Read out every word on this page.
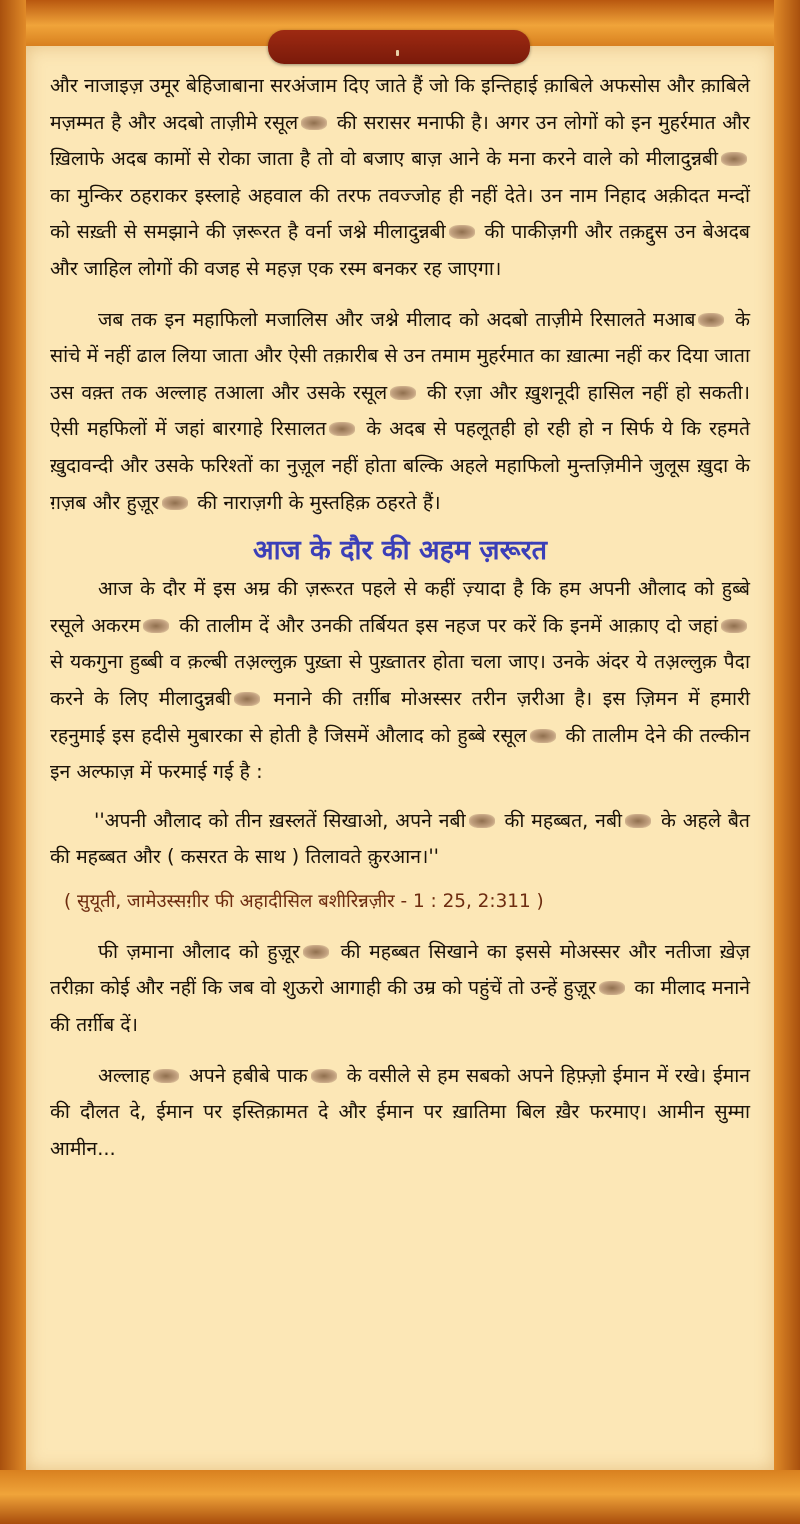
और नाजाइज़ उमूर बेहिजाबाना सरअंजाम दिए जाते हैं जो कि इन्तिहाई क़ाबिले अफसोस और क़ाबिले मज़म्मत है और अदबो ताज़ीमे रसूल की सरासर मनाफी है। अगर उन लोगों को इन मुहर्रमात और ख़िलाफे अदब कामों से रोका जाता है तो वो बजाए बाज़ आने के मना करने वाले को मीलादुन्नबी का मुन्किर ठहराकर इस्लाहे अहवाल की तरफ तवज्जोह ही नहीं देते। उन नाम निहाद अक़ीदत मन्दों को सख़्ती से समझाने की ज़रूरत है वर्ना जश्ने मीलादुन्नबी की पाकीज़गी और तक़द्दुस उन बेअदब और जाहिल लोगों की वजह से महज़ एक रस्म बनकर रह जाएगा।

जब तक इन महाफिलो मजालिस और जश्ने मीलाद को अदबो ताज़ीमे रिसालते मआब के सांचे में नहीं ढाल लिया जाता और ऐसी तक़ारीब से उन तमाम मुहर्रमात का ख़ात्मा नहीं कर दिया जाता उस वक़्त तक अल्लाह तआला और उसके रसूल की रज़ा और ख़ुशनूदी हासिल नहीं हो सकती। ऐसी महफिलों में जहां बारगाहे रिसालत के अदब से पहलूतही हो रही हो न सिर्फ ये कि रहमते ख़ुदावन्दी और उसके फरिश्तों का नुज़ूल नहीं होता बल्कि अहले महाफिलो मुन्तज़िमीने जुलूस ख़ुदा के ग़ज़ब और हुज़ूर की नाराज़गी के मुस्तहिक़ ठहरते हैं।

आज के दौर की अहम ज़रूरत

आज के दौर में इस अम्र की ज़रूरत पहले से कहीं ज़्यादा है कि हम अपनी औलाद को हुब्बे रसूले अकरम की तालीम दें और उनकी तर्बियत इस नहज पर करें कि इनमें आक़ाए दो जहां से यकगुना हुब्बी व क़ल्बी तअ़ल्लुक़ पुख़्ता से पुख़्तातर होता चला जाए। उनके अंदर ये तअ़ल्लुक़ पैदा करने के लिए मीलादुन्नबी मनाने की तर्ग़ीब मोअस्सर तरीन ज़रीआ है। इस ज़िमन में हमारी रहनुमाई इस हदीसे मुबारका से होती है जिसमें औलाद को हुब्बे रसूल की तालीम देने की तल्कीन इन अल्फाज़ में फरमाई गई है :

''अपनी औलाद को तीन ख़स्लतें सिखाओ, अपने नबी की महब्बत, नबी के अहले बैत की महब्बत और ( कसरत के साथ ) तिलावते क़ुरआन।''

( सुयूती, जामेउस्सग़ीर फी अहादीसिल बशीरिन्नज़ीर - 1 : 25, 2:311 )

फी ज़माना औलाद को हुज़ूर की महब्बत सिखाने का इससे मोअस्सर और नतीजा ख़ेज़ तरीक़ा कोई और नहीं कि जब वो शुऊरो आगाही की उम्र को पहुंचें तो उन्हें हुज़ूर का मीलाद मनाने की तर्ग़ीब दें।

अल्लाह अपने हबीबे पाक के वसीले से हम सबको अपने हिफ़्ज़ो ईमान में रखे। ईमान की दौलत दे, ईमान पर इस्तिक़ामत दे और ईमान पर ख़ातिमा बिल ख़ैर फरमाए। आमीन सुम्मा आमीन...
